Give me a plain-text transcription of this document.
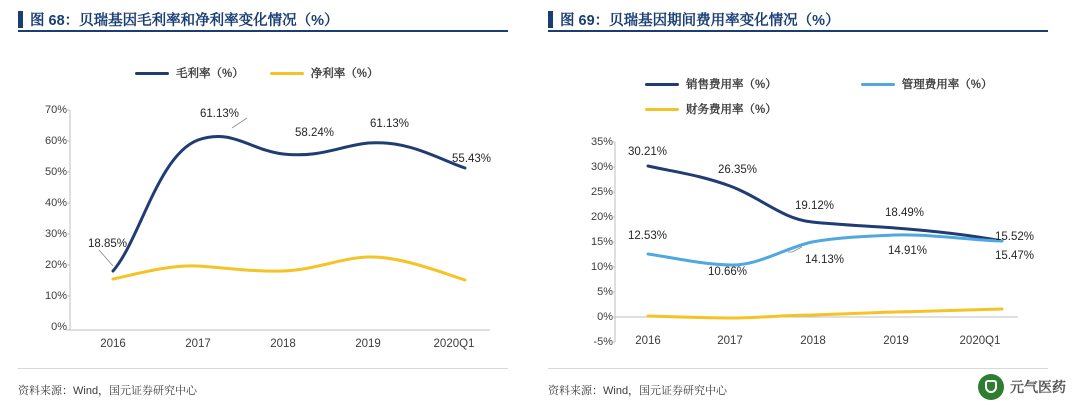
图 68： 贝瑞基因毛利率和净利率变化情况（%）
毛利率（%）	净利率（%）
70%
60%
50%
40%
30%
20%
10%
0%
2016	2017	2018	2019	2020Q1
18.85%
61.13%
58.24%
61.13%
55.43%
资料来源：Wind，国元证券研究中心
图 69： 贝瑞基因期间费用率变化情况（%）
销售费用率（%）	管理费用率（%）
财务费用率（%）
35%
30%
25%
20%
15%
10%
5%
0%
-5%	2016	2017	2018	2019	2020Q1
30.21%
26.35%
19.12%
18.49%
15.52%
12.53%
10.66%
14.13%
14.91%	15.47%
资料来源：Wind，国元证券研究中心	元气医药
